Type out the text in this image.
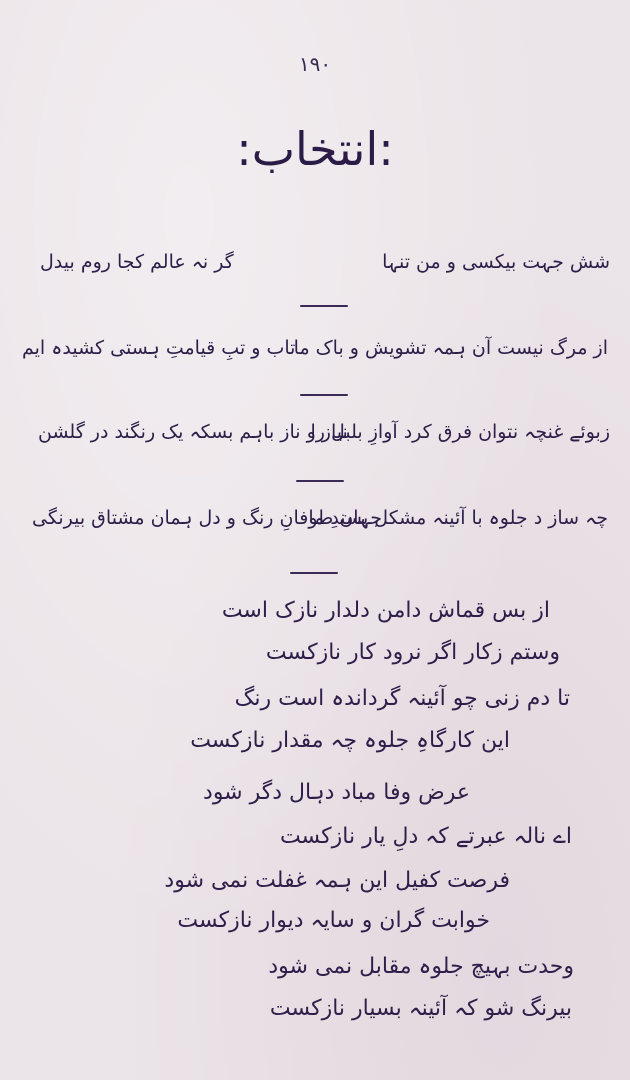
۱۹۰
:انتخاب:
شش جہت بیکسی و من تنہا
گر نہ عالم کجا روم بیدل
از مرگ نیست آن ہمہ تشویش و باک ما
تاب و تبِ قیامتِ ہستی کشیدہ ایم
زبوئے غنچہ نتوان فرق کرد آوازِ بلبل را
نیاز و ناز باہم بسکہ یک رنگند در گلشن
چہ ساز د جلوہ با آئینہ مشکل پسندِ ما
جہان طوفانِ رنگ و دل ہمان مشتاق بیرنگی
از بس قماش دامن دلدار نازک است
وستم زکار اگر نرود کار نازکست
تا دم زنی چو آئینہ گرداندہ است رنگ
این کارگاہِ جلوہ چہ مقدار نازکست
عرض وفا مباد دہال دگر شود
اے نالہ عبرتے کہ دلِ یار نازکست
فرصت کفیل این ہمہ غفلت نمی شود
خوابت گران و سایہ دیوار نازکست
وحدت بہیچ جلوہ مقابل نمی شود
بیرنگ شو کہ آئینہ بسیار نازکست
